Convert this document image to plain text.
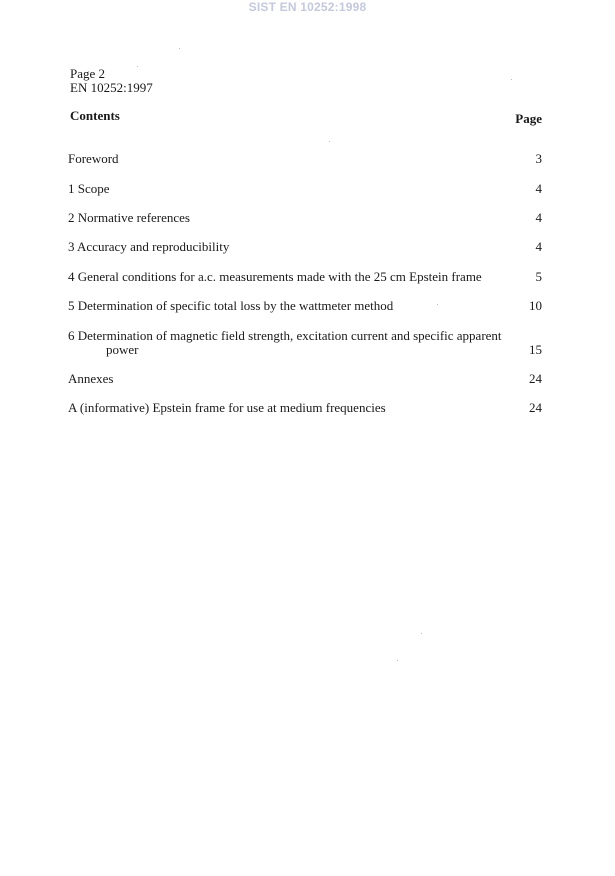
SIST EN 10252:1998
Page 2
EN 10252:1997
Contents	Page
Foreword	3
1 Scope	4
2 Normative references	4
3 Accuracy and reproducibility	4
4 General conditions for a.c. measurements made with the 25 cm Epstein frame	5
5 Determination of specific total loss by the wattmeter method	10
6 Determination of magnetic field strength, excitation current and specific apparent
power	15
Annexes	24
A (informative) Epstein frame for use at medium frequencies	24
